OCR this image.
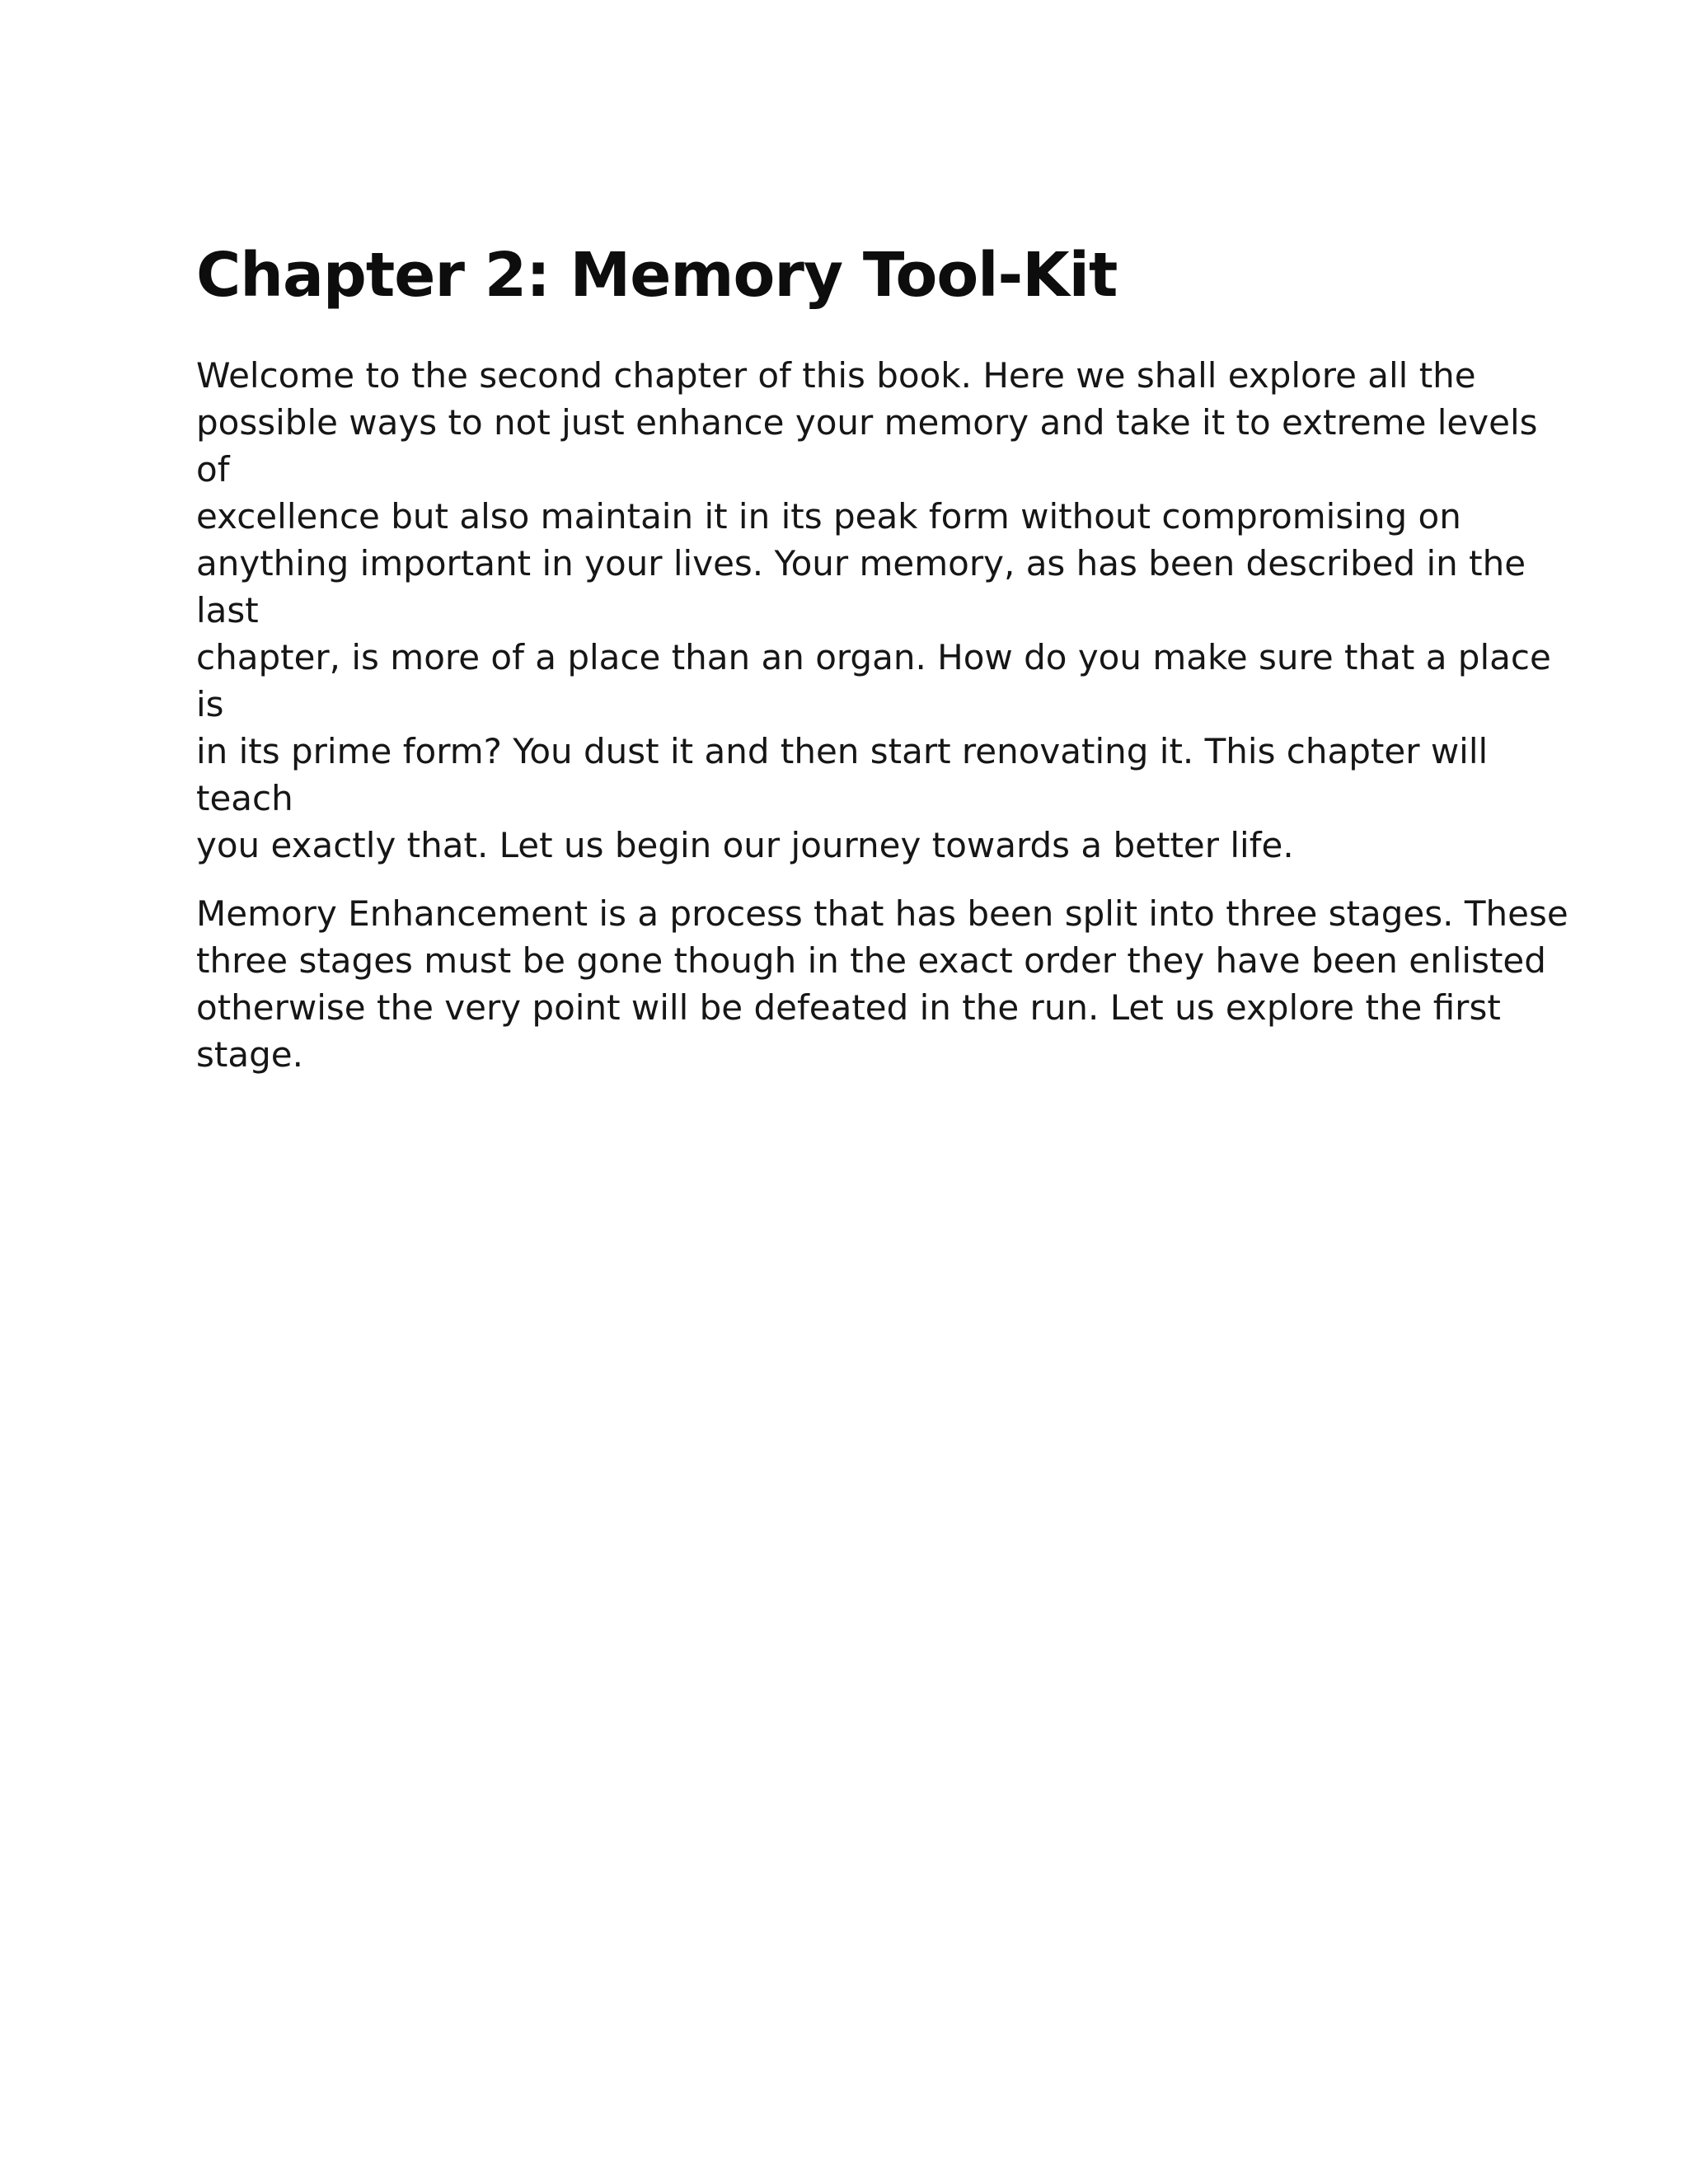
Chapter 2: Memory Tool-Kit

Welcome to the second chapter of this book. Here we shall explore all the
possible ways to not just enhance your memory and take it to extreme levels of
excellence but also maintain it in its peak form without compromising on
anything important in your lives. Your memory, as has been described in the last
chapter, is more of a place than an organ. How do you make sure that a place is
in its prime form? You dust it and then start renovating it. This chapter will teach
you exactly that. Let us begin our journey towards a better life.

Memory Enhancement is a process that has been split into three stages. These
three stages must be gone though in the exact order they have been enlisted
otherwise the very point will be defeated in the run. Let us explore the first
stage.
